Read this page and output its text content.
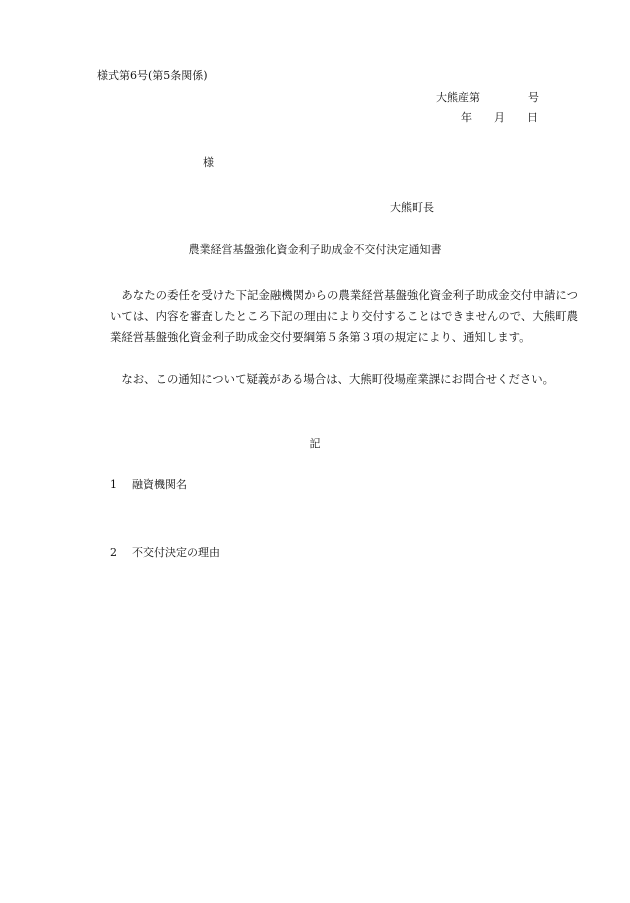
様式第6号(第5条関係)
大熊産第	号
年 月 日
様
大熊町長
農業経営基盤強化資金利子助成金不交付決定通知書

あなたの委任を受けた下記金融機関からの農業経営基盤強化資金利子助成金交付申請については、内容を審査したところ下記の理由により交付することはできませんので、大熊町農業経営基盤強化資金利子助成金交付要綱第５条第３項の規定により、通知します。

なお、この通知について疑義がある場合は、大熊町役場産業課にお問合せください。

記
1 融資機関名
2 不交付決定の理由
